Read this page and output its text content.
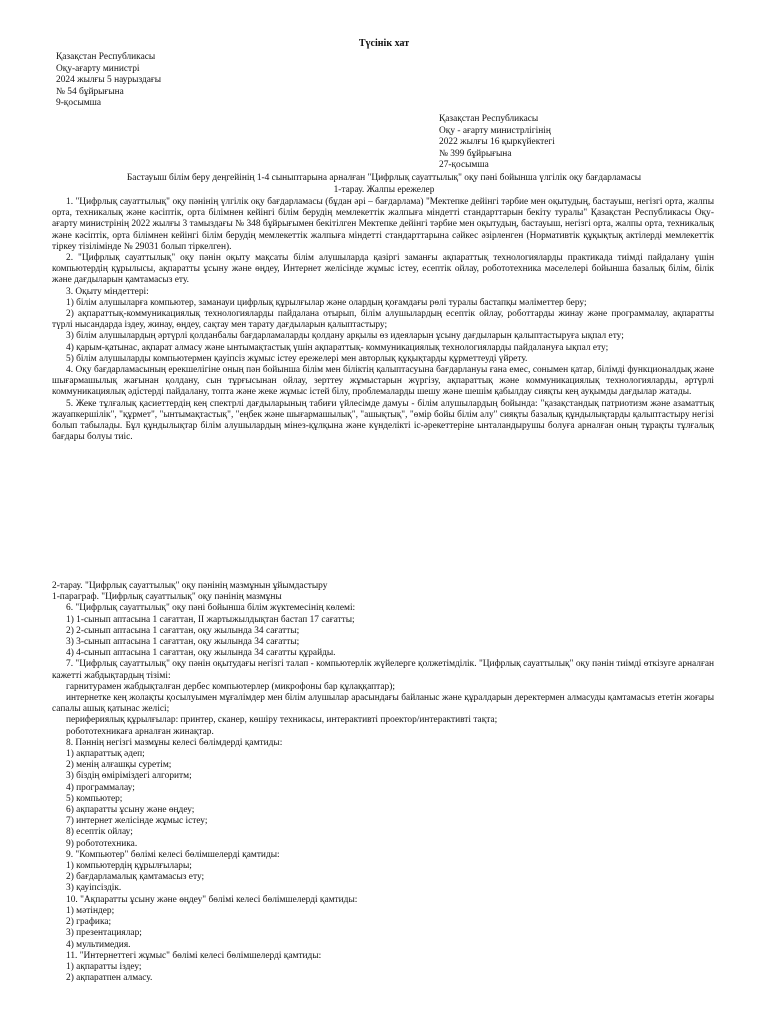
Түсінік хат
Қазақстан Республикасы
Оқу-ағарту министрі
2024 жылғы 5 наурыздағы
№ 54 бұйрығына
9-қосымша
Қазақстан Республикасы
Оқу - ағарту министрлігінің
2022 жылғы 16 қыркүйектегі
№ 399 бұйрығына
27-қосымша
Бастауыш білім беру деңгейінің 1-4 сыныптарына арналған "Цифрлық сауаттылық" оқу пәні бойынша үлгілік оқу бағдарламасы
1-тарау. Жалпы ережелер
1. "Цифрлық сауаттылық" оқу пәнінің үлгілік оқу бағдарламасы (бұдан әрі – бағдарлама) "Мектепке дейінгі тәрбие мен оқытудың, бастауыш, негізгі орта, жалпы орта, техникалық және кәсіптік, орта білімнен кейінгі білім берудің мемлекеттік жалпыға міндетті стандарттарын бекіту туралы" Қазақстан Республикасы Оқу-ағарту министрінің 2022 жылғы 3 тамыздағы № 348 бұйрығымен бекітілген Мектепке дейінгі тәрбие мен оқытудың, бастауыш, негізгі орта, жалпы орта, техникалық және кәсіптік, орта білімнен кейінгі білім берудің мемлекеттік жалпыға міндетті стандарттарына сәйкес әзірленген (Нормативтік құқықтық актілерді мемлекеттік тіркеу тізілімінде № 29031 болып тіркелген).
2. "Цифрлық сауаттылық" оқу пәнін оқыту мақсаты білім алушыларда қазіргі заманғы ақпараттық технологияларды практикада тиімді пайдалану үшін компьютердің құрылысы, ақпаратты ұсыну және өңдеу, Интернет желісінде жұмыс істеу, есептік ойлау, робототехника мәселелері бойынша базалық білім, білік және дағдыларын қамтамасыз ету.
3. Оқыту міндеттері:
1) білім алушыларға компьютер, заманауи цифрлық құрылғылар және олардың қоғамдағы рөлі туралы бастапқы мәліметтер беру;
2) ақпараттық-коммуникациялық технологияларды пайдалана отырып, білім алушылардың есептік ойлау, роботтарды жинау және программалау, ақпаратты түрлі нысандарда іздеу, жинау, өңдеу, сақтау мен тарату дағдыларын қалыптастыру;
3) білім алушылардың әртүрлі қолданбалы бағдарламаларды қолдану арқылы өз идеяларын ұсыну дағдыларын қалыптастыруға ықпал ету;
4) қарым-қатынас, ақпарат алмасу және ынтымақтастық үшін ақпараттық- коммуникациялық технологияларды пайдалануға ықпал ету;
5) білім алушыларды компьютермен қауіпсіз жұмыс істеу ережелері мен авторлық құқықтарды құрметтеуді үйрету.
4. Оқу бағдарламасының ерекшелігіне оның пән бойынша білім мен біліктің қалыптасуына бағдарлануы ғана емес, сонымен қатар, білімді функционалдық және шығармашылық жағынан қолдану, сын тұрғысынан ойлау, зерттеу жұмыстарын жүргізу, ақпараттық және коммуникациялық технологияларды, әртүрлі коммуникациялық әдістерді пайдалану, топта және жеке жұмыс істей білу, проблемаларды шешу және шешім қабылдау сияқты кең ауқымды дағдылар жатады.
5. Жеке тұлғалық қасиеттердің кең спектрлі дағдыларының табиғи үйлесімде дамуы - білім алушылардың бойында: "қазақстандық патриотизм және азаматтық жауапкершілік", "құрмет", "ынтымақтастық", "еңбек және шығармашылық", "ашықтық", "өмір бойы білім алу" сияқты базалық құндылықтарды қалыптастыру негізі болып табылады. Бұл құндылықтар білім алушылардың мінез-құлқына және күнделікті іс-әрекеттеріне ынталандырушы болуға арналған оның тұрақты тұлғалық бағдары болуы тиіс.
2-тарау. "Цифрлық сауаттылық" оқу пәнінің мазмұнын ұйымдастыру
1-параграф. "Цифрлық сауаттылық" оқу пәнінің мазмұны
6. "Цифрлық сауаттылық" оқу пәні бойынша білім жүктемесінің көлемі:
1) 1-сынып аптасына 1 сағаттан, II жартыжылдықтан бастап 17 сағатты;
2) 2-сынып аптасына 1 сағаттан, оқу жылында 34 сағатты;
3) 3-сынып аптасына 1 сағаттан, оқу жылында 34 сағатты;
4) 4-сынып аптасына 1 сағаттан, оқу жылында 34 сағатты құрайды.
7. "Цифрлық сауаттылық" оқу пәнін оқытудағы негізгі талап - компьютерлік жүйелерге қолжетімділік. "Цифрлық сауаттылық" оқу пәнін тиімді өткізуге арналған кажетті жабдықтардың тізімі:
гарнитурамен жабдықталған дербес компьютерлер (микрофоны бар құлаққаптар);
интернетке кең жолақты қосылуымен мұғалімдер мен білім алушылар арасындағы байланыс және құралдарын деректермен алмасуды қамтамасыз ететін жоғары сапалы ашық қатынас желісі;
перифериялық құрылғылар: принтер, сканер, көшіру техникасы, интерактивті проектор/интерактивті тақта;
робототехникаға арналған жинақтар.
8. Пәннің негізгі мазмұны келесі бөлімдерді қамтиды:
1) ақпараттық әдеп;
2) менің алғашқы суретім;
3) біздің өміріміздегі алгоритм;
4) программалау;
5) компьютер;
6) ақпаратты ұсыну және өңдеу;
7) интернет желісінде жұмыс істеу;
8) есептік ойлау;
9) робототехника.
9. "Компьютер" бөлімі келесі бөлімшелерді қамтиды:
1) компьютердің құрылғылары;
2) бағдарламалық қамтамасыз ету;
3) қауіпсіздік.
10. "Ақпаратты ұсыну және өңдеу" бөлімі келесі бөлімшелерді қамтиды:
1) мәтіндер;
2) графика;
3) презентациялар;
4) мультимедия.
11. "Интернеттегі жұмыс" бөлімі келесі бөлімшелерді қамтиды:
1) ақпаратты іздеу;
2) ақпаратпен алмасу.
